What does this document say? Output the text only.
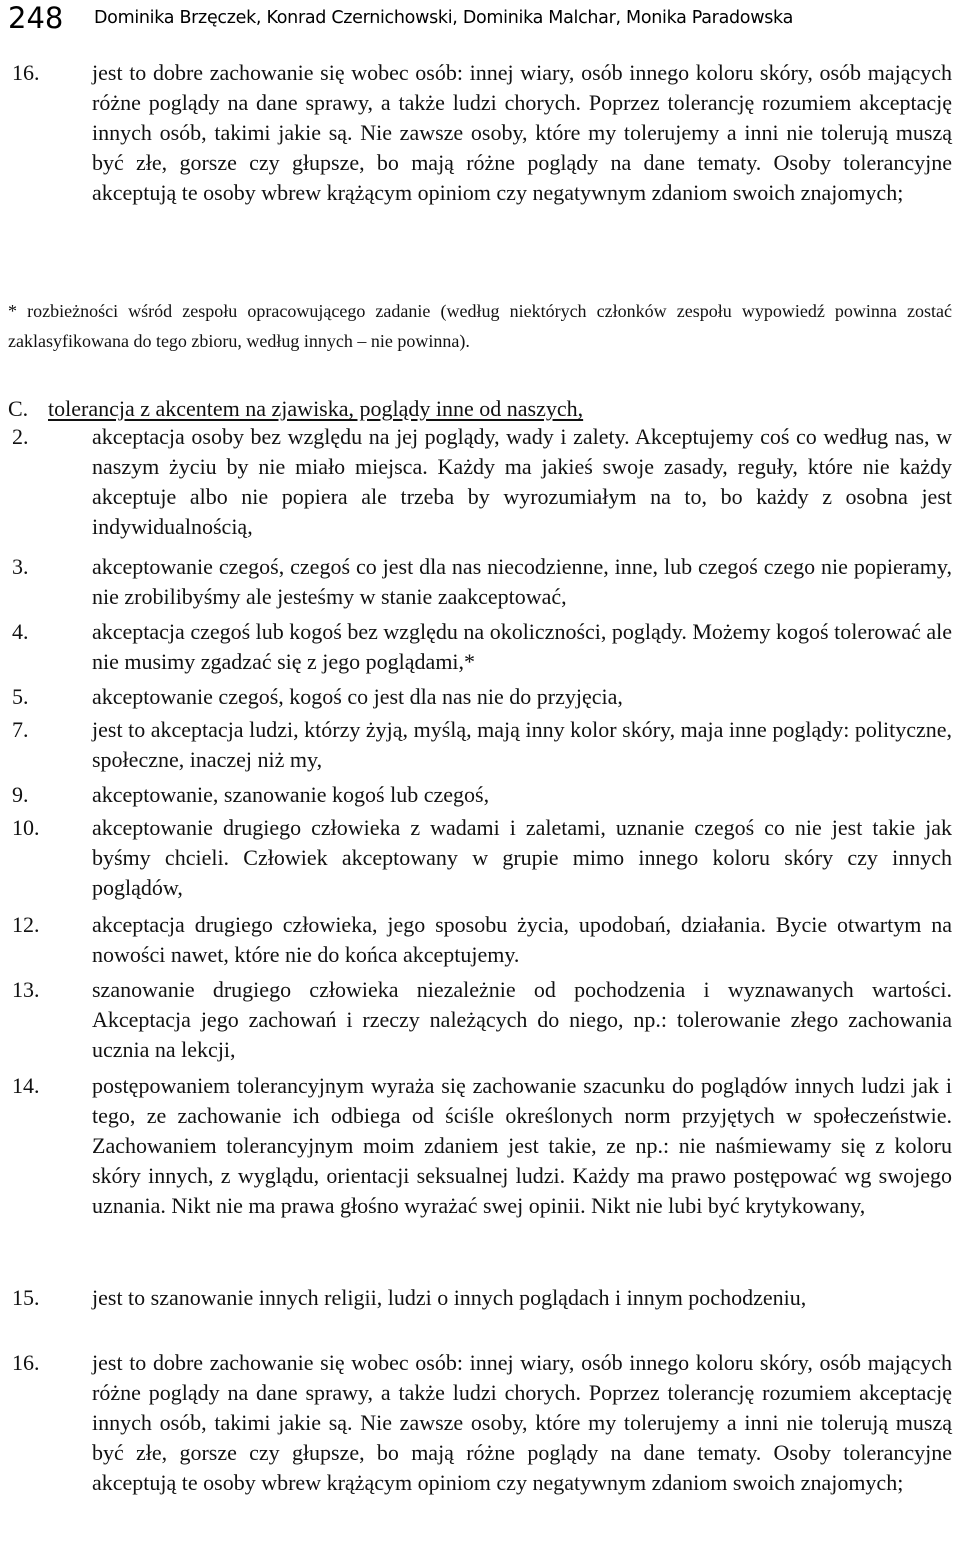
248 Dominika Brzęczek, Konrad Czernichowski, Dominika Malchar, Monika Paradowska
16. jest to dobre zachowanie się wobec osób: innej wiary, osób innego koloru skóry, osób mających różne poglądy na dane sprawy, a także ludzi chorych. Poprzez tolerancję rozumiem akceptację innych osób, takimi jakie są. Nie zawsze osoby, które my tolerujemy a inni nie tolerują muszą być złe, gorsze czy głupsze, bo mają różne poglądy na dane tematy. Osoby tolerancyjne akceptują te osoby wbrew krążącym opiniom czy negatywnym zdaniom swoich znajomych;
* rozbieżności wśród zespołu opracowującego zadanie (według niektórych członków zespołu wypowiedź powinna zostać zaklasyfikowana do tego zbioru, według innych – nie powinna).
C. tolerancja z akcentem na zjawiska, poglądy inne od naszych,
2.	akceptacja osoby bez względu na jej poglądy, wady i zalety. Akceptujemy coś co według nas, w naszym życiu by nie miało miejsca. Każdy ma jakieś swoje zasady, reguły, które nie każdy akceptuje albo nie popiera ale trzeba by wyrozumiałym na to, bo każdy z osobna jest indywidualnością,
3.	akceptowanie czegoś, czegoś co jest dla nas niecodzienne, inne, lub czegoś czego nie popieramy, nie zrobilibyśmy ale jesteśmy w stanie zaakceptować,
4.	akceptacja czegoś lub kogoś bez względu na okoliczności, poglądy. Możemy kogoś tolerować ale nie musimy zgadzać się z jego poglądami,*
5.	akceptowanie czegoś, kogoś co jest dla nas nie do przyjęcia,
7.	jest to akceptacja ludzi, którzy żyją, myślą, mają inny kolor skóry, maja inne poglądy: polityczne, społeczne, inaczej niż my,
9.	akceptowanie, szanowanie kogoś lub czegoś,
10. akceptowanie drugiego człowieka z wadami i zaletami, uznanie czegoś co nie jest takie jak byśmy chcieli. Człowiek akceptowany w grupie mimo innego koloru skóry czy innych poglądów,
12. akceptacja drugiego człowieka, jego sposobu życia, upodobań, działania. Bycie otwartym na nowości nawet, które nie do końca akceptujemy.
13. szanowanie drugiego człowieka niezależnie od pochodzenia i wyznawanych wartości. Akceptacja jego zachowań i rzeczy należących do niego, np.: tolerowanie złego zachowania ucznia na lekcji,
14. postępowaniem tolerancyjnym wyraża się zachowanie szacunku do poglądów innych ludzi jak i tego, ze zachowanie ich odbiega od ściśle określonych norm przyjętych w społeczeństwie. Zachowaniem tolerancyjnym moim zdaniem jest takie, ze np.: nie naśmiewamy się z koloru skóry innych, z wyglądu, orientacji seksualnej ludzi. Każdy ma prawo postępować wg swojego uznania. Nikt nie ma prawa głośno wyrażać swej opinii. Nikt nie lubi być krytykowany,
15. jest to szanowanie innych religii, ludzi o innych poglądach i innym pochodzeniu,
16. jest to dobre zachowanie się wobec osób: innej wiary, osób innego koloru skóry, osób mających różne poglądy na dane sprawy, a także ludzi chorych. Poprzez tolerancję rozumiem akceptację innych osób, takimi jakie są. Nie zawsze osoby, które my tolerujemy a inni nie tolerują muszą być złe, gorsze czy głupsze, bo mają różne poglądy na dane tematy. Osoby tolerancyjne akceptują te osoby wbrew krążącym opiniom czy negatywnym zdaniom swoich znajomych;
